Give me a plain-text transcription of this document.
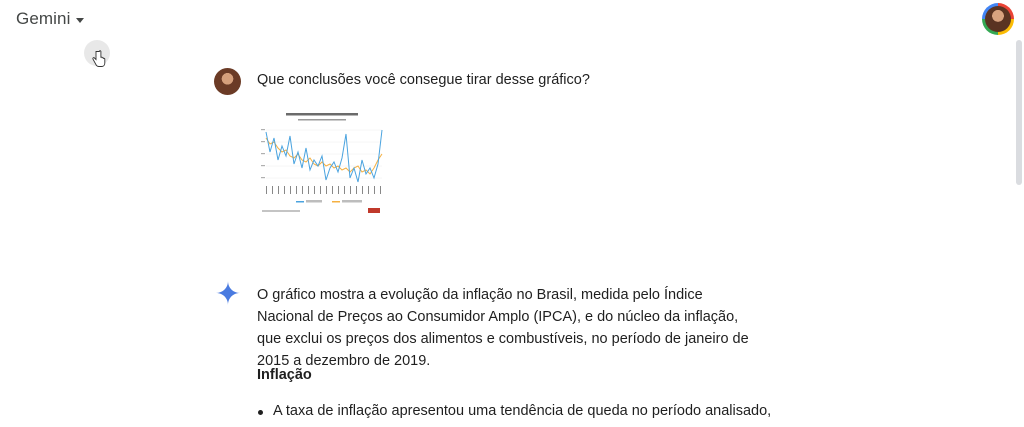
Gemini
Que conclusões você consegue tirar desse gráfico?

O gráfico mostra a evolução da inflação no Brasil, medida pelo Índice Nacional de Preços ao Consumidor Amplo (IPCA), e do núcleo da inflação, que exclui os preços dos alimentos e combustíveis, no período de janeiro de 2015 a dezembro de 2019.

Inflação
A taxa de inflação apresentou uma tendência de queda no período analisado,
